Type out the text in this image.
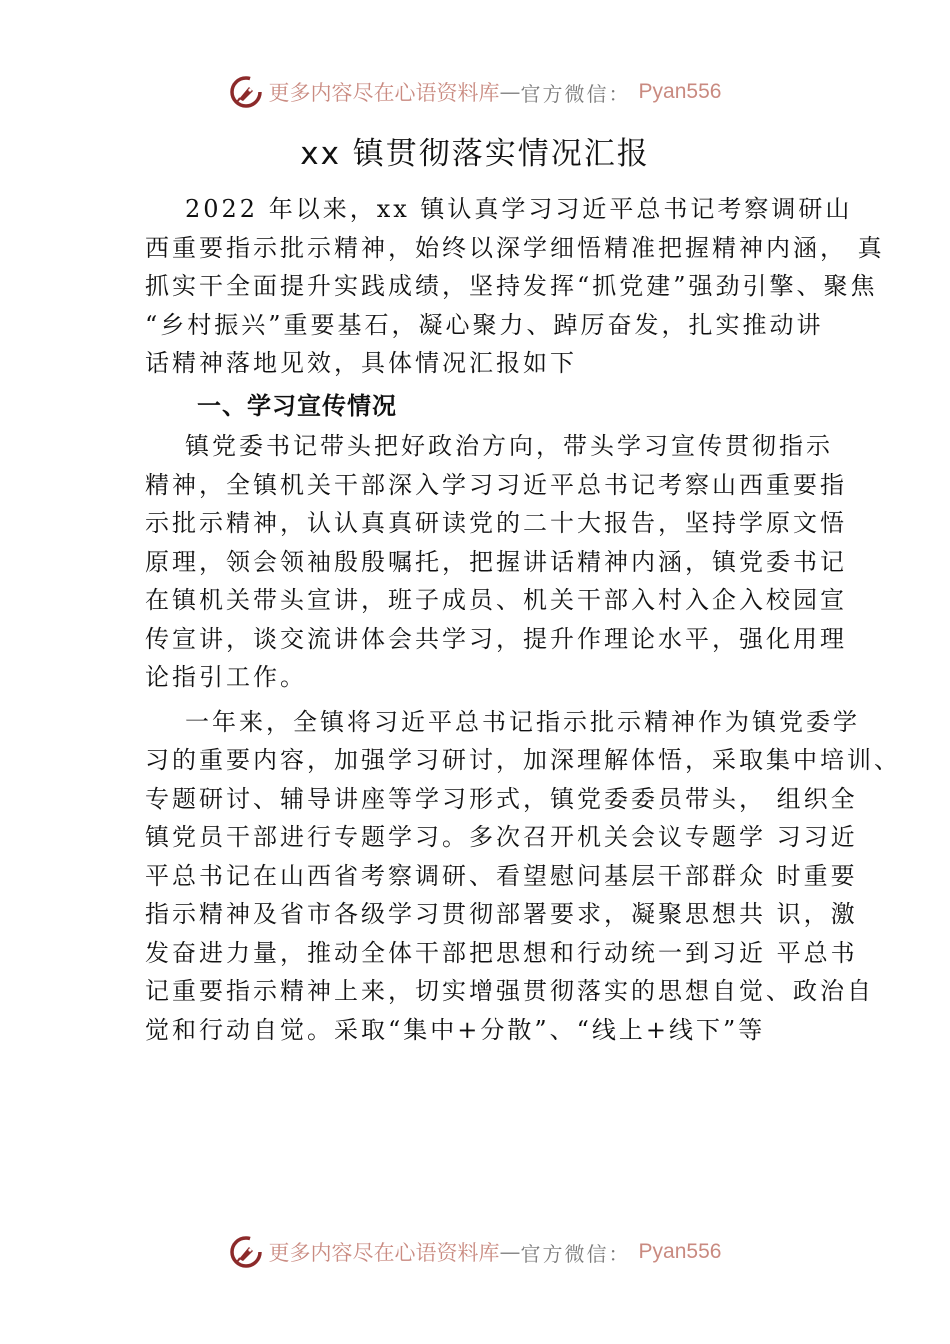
更多内容尽在心语资料库 — 官方微信： Pyan556
xx 镇贯彻落实情况汇报

2022 年以来，xx 镇认真学习习近平总书记考察调研山
西重要指示批示精神，始终以深学细悟精准把握精神内涵， 真
抓实干全面提升实践成绩，坚持发挥“抓党建”强劲引擎、聚焦
“乡村振兴”重要基石，凝心聚力、踔厉奋发，扎实推动讲
话精神落地见效，具体情况汇报如下

一、学习宣传情况

镇党委书记带头把好政治方向，带头学习宣传贯彻指示
精神，全镇机关干部深入学习习近平总书记考察山西重要指
示批示精神，认认真真研读党的二十大报告，坚持学原文悟
原理，领会领袖殷殷嘱托，把握讲话精神内涵，镇党委书记
在镇机关带头宣讲，班子成员、机关干部入村入企入校园宣
传宣讲，谈交流讲体会共学习，提升作理论水平，强化用理
论指引工作。

一年来，全镇将习近平总书记指示批示精神作为镇党委学
习的重要内容，加强学习研讨，加深理解体悟，采取集中培训、
专题研讨、辅导讲座等学习形式，镇党委委员带头， 组织全
镇党员干部进行专题学习。多次召开机关会议专题学 习习近
平总书记在山西省考察调研、看望慰问基层干部群众 时重要
指示精神及省市各级学习贯彻部署要求，凝聚思想共 识，激
发奋进力量，推动全体干部把思想和行动统一到习近 平总书
记重要指示精神上来，切实增强贯彻落实的思想自觉、政治自
觉和行动自觉。采取“集中+分散”、“线上+线下”等

更多内容尽在心语资料库 — 官方微信： Pyan556
